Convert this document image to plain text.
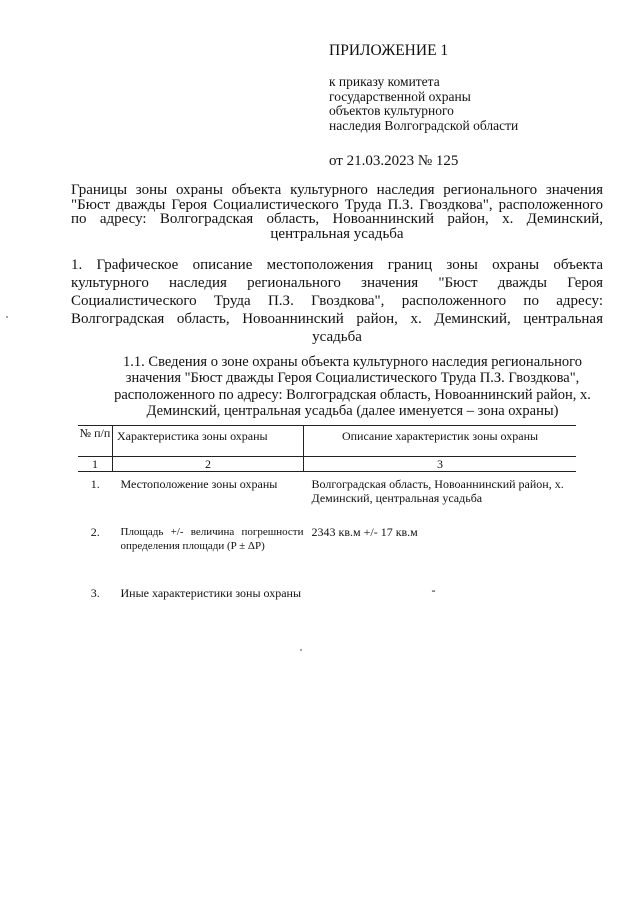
ПРИЛОЖЕНИЕ 1

к приказу комитета

государственной охраны

объектов культурного

наследия Волгоградской области

от 21.03.2023 № 125

Границы зоны охраны объекта культурного наследия регионального значения "Бюст дважды Героя Социалистического Труда П.З. Гвоздкова", расположенного по адресу: Волгоградская область, Новоаннинский район, х. Деминский, центральная усадьба

1. Графическое описание местоположения границ зоны охраны объекта культурного наследия регионального значения "Бюст дважды Героя Социалистического Труда П.З. Гвоздкова", расположенного по адресу: Волгоградская область, Новоаннинский район, х. Деминский, центральная усадьба

1.1. Сведения о зоне охраны объекта культурного наследия регионального значения "Бюст дважды Героя Социалистического Труда П.З. Гвоздкова", расположенного по адресу: Волгоградская область, Новоаннинский район, х. Деминский, центральная усадьба (далее именуется – зона охраны)

№ п/п	Характеристика зоны охраны	Описание характеристик зоны охраны
1	2	3
1.	Местоположение зоны охраны	Волгоградская область, Новоаннинский район, х. Деминский, центральная усадьба
2.	Площадь +/- величина погрешности определения площади (P ± ΔP)	2343 кв.м +/- 17 кв.м
3.	Иные характеристики зоны охраны	-
